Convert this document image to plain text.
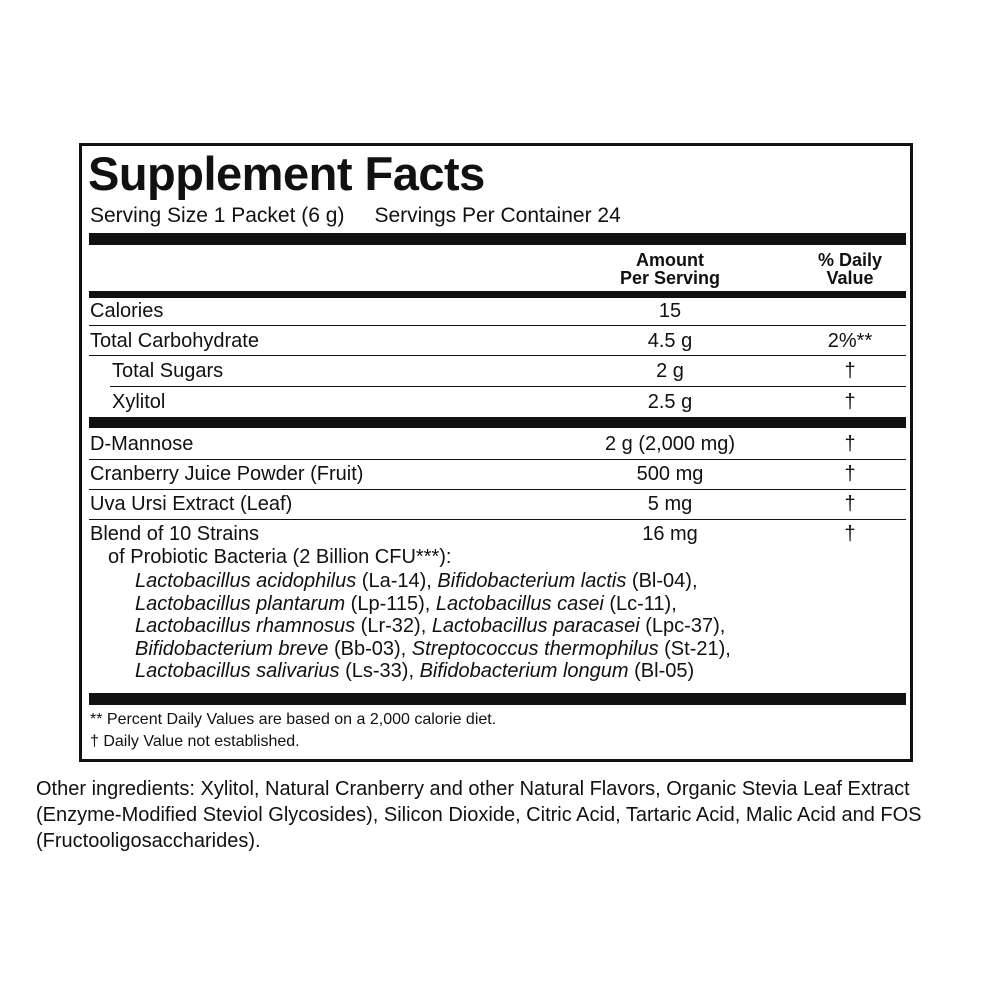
Supplement Facts
Serving Size 1 Packet (6 g) Servings Per Container 24
Amount
Per Serving
% Daily
Value
Calories	15
Total Carbohydrate	4.5 g	2%**
Total Sugars	2 g	†
Xylitol	2.5 g	†
D-Mannose	2 g (2,000 mg)	†
Cranberry Juice Powder (Fruit)	500 mg	†
Uva Ursi Extract (Leaf)	5 mg	†
Blend of 10 Strains	16 mg	†
of Probiotic Bacteria (2 Billion CFU***):
Lactobacillus acidophilus (La-14), Bifidobacterium lactis (Bl-04),
Lactobacillus plantarum (Lp-115), Lactobacillus casei (Lc-11),
Lactobacillus rhamnosus (Lr-32), Lactobacillus paracasei (Lpc-37),
Bifidobacterium breve (Bb-03), Streptococcus thermophilus (St-21),
Lactobacillus salivarius (Ls-33), Bifidobacterium longum (Bl-05)
** Percent Daily Values are based on a 2,000 calorie diet.
† Daily Value not established.
Other ingredients: Xylitol, Natural Cranberry and other Natural Flavors, Organic Stevia Leaf Extract (Enzyme-Modified Steviol Glycosides), Silicon Dioxide, Citric Acid, Tartaric Acid, Malic Acid and FOS (Fructooligosaccharides).
